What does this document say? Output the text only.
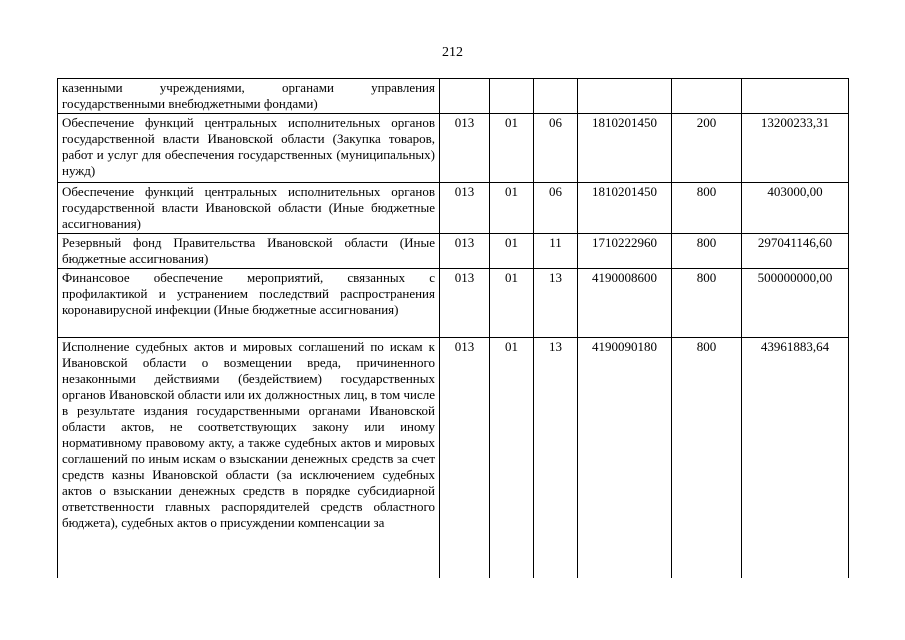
212
казенными учреждениями, органами управления государственными внебюджетными фондами)						
Обеспечение функций центральных исполнительных органов государственной власти Ивановской области (Закупка товаров, работ и услуг для обеспечения государственных (муниципальных) нужд)	013	01	06	1810201450	200	13200233,31
Обеспечение функций центральных исполнительных органов государственной власти Ивановской области (Иные бюджетные ассигнования)	013	01	06	1810201450	800	403000,00
Резервный фонд Правительства Ивановской области (Иные бюджетные ассигнования)	013	01	11	1710222960	800	297041146,60
Финансовое обеспечение мероприятий, связанных с профилактикой и устранением последствий распространения коронавирусной инфекции (Иные бюджетные ассигнования)	013	01	13	4190008600	800	500000000,00
Исполнение судебных актов и мировых соглашений по искам к Ивановской области о возмещении вреда, причиненного незаконными действиями (бездействием) государственных органов Ивановской области или их должностных лиц, в том числе в результате издания государственными органами Ивановской области актов, не соответствующих закону или иному нормативному правовому акту, а также судебных актов и мировых соглашений по иным искам о взыскании денежных средств за счет средств казны Ивановской области (за исключением судебных актов о взыскании денежных средств в порядке субсидиарной ответственности главных распорядителей средств областного бюджета), судебных актов о присуждении компенсации за	013	01	13	4190090180	800	43961883,64
